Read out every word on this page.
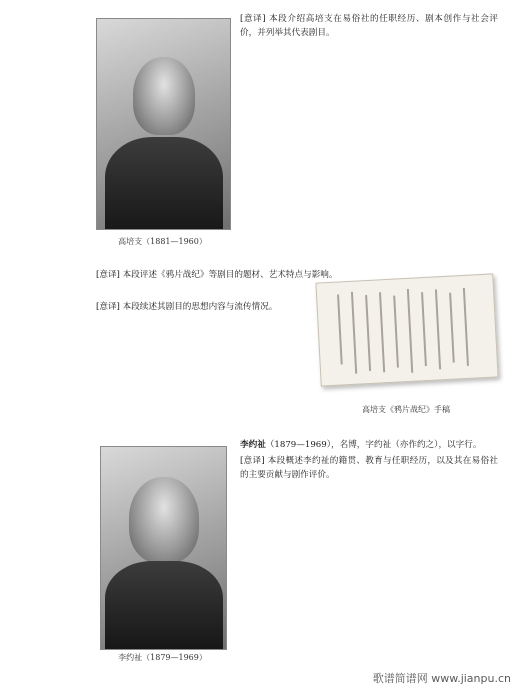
高培支（1881—1960）
高培支《鸦片战纪》手稿
李约祉（1879—1969）
[意译] 本段介绍高培支在易俗社的任职经历、剧本创作与社会评价，并列举其代表剧目。
[意译] 本段评述《鸦片战纪》等剧目的题材、艺术特点与影响。
[意译] 本段续述其剧目的思想内容与流传情况。
李约祉（1879—1969），名博，字约祉（亦作约之），以字行。
[意译] 本段概述李约祉的籍贯、教育与任职经历，以及其在易俗社的主要贡献与剧作评价。
歌谱简谱网 www.jianpu.cn
